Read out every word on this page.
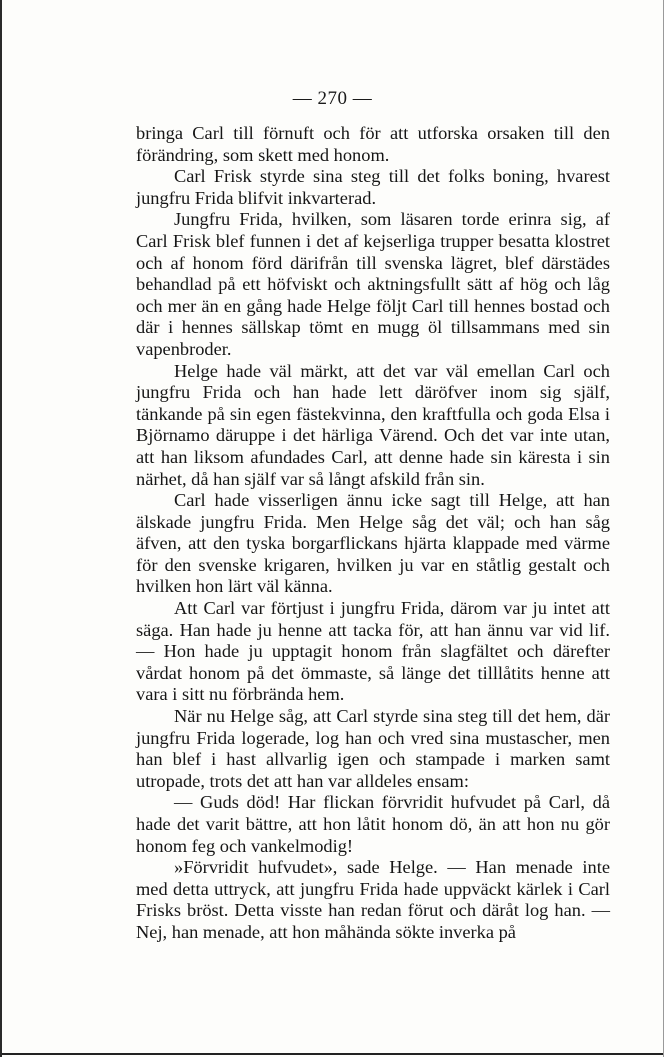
— 270 —

bringa Carl till förnuft och för att utforska orsaken till den förändring, som skett med honom.

Carl Frisk styrde sina steg till det folks boning, hvarest jungfru Frida blifvit inkvarterad.

Jungfru Frida, hvilken, som läsaren torde erinra sig, af Carl Frisk blef funnen i det af kejserliga trupper besatta klostret och af honom förd därifrån till svenska lägret, blef därstädes behandlad på ett höfviskt och aktningsfullt sätt af hög och låg och mer än en gång hade Helge följt Carl till hennes bostad och där i hennes sällskap tömt en mugg öl tillsammans med sin vapenbroder.

Helge hade väl märkt, att det var väl emellan Carl och jungfru Frida och han hade lett däröfver inom sig själf, tänkande på sin egen fästekvinna, den kraftfulla och goda Elsa i Björnamo däruppe i det härliga Värend. Och det var inte utan, att han liksom afundades Carl, att denne hade sin käresta i sin närhet, då han själf var så långt afskild från sin.

Carl hade visserligen ännu icke sagt till Helge, att han älskade jungfru Frida. Men Helge såg det väl; och han såg äfven, att den tyska borgarflickans hjärta klappade med värme för den svenske krigaren, hvilken ju var en ståtlig gestalt och hvilken hon lärt väl känna.

Att Carl var förtjust i jungfru Frida, därom var ju intet att säga. Han hade ju henne att tacka för, att han ännu var vid lif. — Hon hade ju upptagit honom från slagfältet och därefter vårdat honom på det ömmaste, så länge det tilllåtits henne att vara i sitt nu förbrända hem.

När nu Helge såg, att Carl styrde sina steg till det hem, där jungfru Frida logerade, log han och vred sina mustascher, men han blef i hast allvarlig igen och stampade i marken samt utropade, trots det att han var alldeles ensam:

— Guds död! Har flickan förvridit hufvudet på Carl, då hade det varit bättre, att hon låtit honom dö, än att hon nu gör honom feg och vankelmodig!

»Förvridit hufvudet», sade Helge. — Han menade inte med detta uttryck, att jungfru Frida hade uppväckt kärlek i Carl Frisks bröst. Detta visste han redan förut och däråt log han. — Nej, han menade, att hon måhända sökte inverka på
